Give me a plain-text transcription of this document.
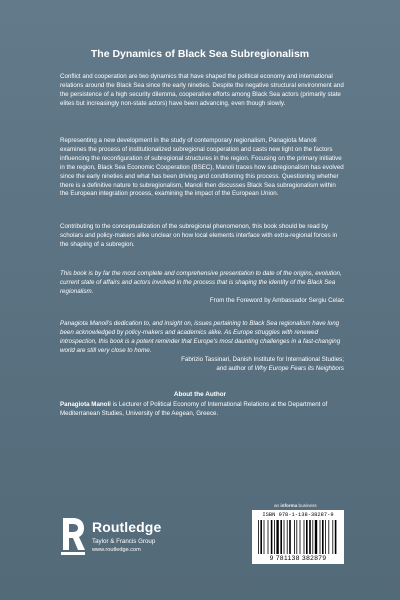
The Dynamics of Black Sea Subregionalism

Conflict and cooperation are two dynamics that have shaped the political economy and international relations around the Black Sea since the early nineties. Despite the negative structural environment and the persistence of a high security dilemma, cooperative efforts among Black Sea actors (primarily state elites but increasingly non-state actors) have been advancing, even though slowly.

Representing a new development in the study of contemporary regionalism, Panagiota Manoli examines the process of institutionalized subregional cooperation and casts new light on the factors influencing the reconfiguration of subregional structures in the region. Focusing on the primary initiative in the region, Black Sea Economic Cooperation (BSEC), Manoli traces how subregionalism has evolved since the early nineties and what has been driving and conditioning this process. Questioning whether there is a definitive nature to subregionalism, Manoli then discusses Black Sea subregionalism within the European integration process, examining the impact of the European Union.

Contributing to the conceptualization of the subregional phenomenon, this book should be read by scholars and policy-makers alike unclear on how local elements interface with extra-regional forces in the shaping of a subregion.

This book is by far the most complete and comprehensive presentation to date of the origins, evolution, current state of affairs and actors involved in the process that is shaping the identity of the Black Sea regionalism.

From the Foreword by Ambassador Sergiu Celac

Panagiota Manoli's dedication to, and insight on, issues pertaining to Black Sea regionalism have long been acknowledged by policy-makers and academics alike. As Europe struggles with renewed introspection, this book is a potent reminder that Europe's most daunting challenges in a fast-changing world are still very close to home.

Fabrizio Tassinari, Danish Institute for International Studies;
and author of Why Europe Fears its Neighbors
About the Author

Panagiota Manoli is Lecturer of Political Economy of International Relations at the Department of Mediterranean Studies, University of the Aegean, Greece.

Routledge
Taylor & Francis Group
www.routledge.com
an informa business
ISBN 978-1-138-38287-9
9 781138 382879
